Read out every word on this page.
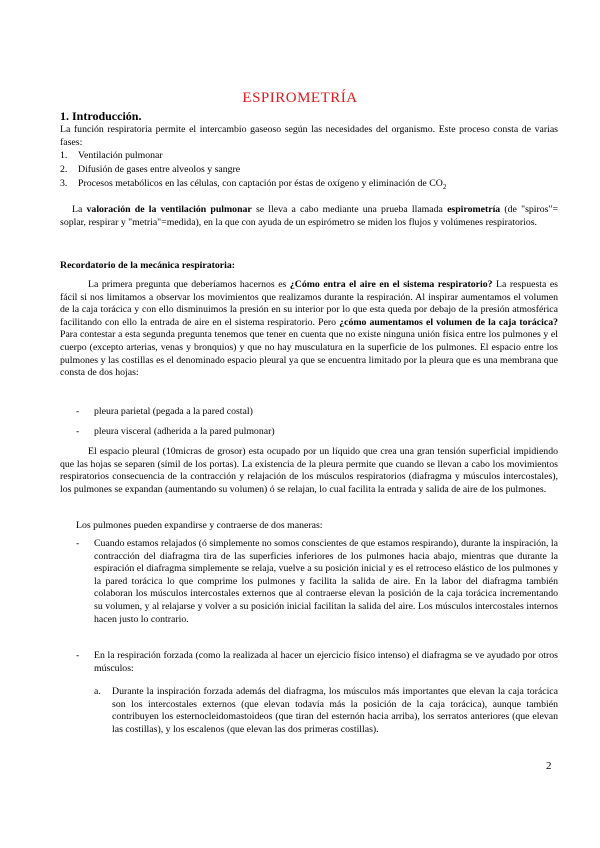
ESPIROMETRÍA
1. Introducción.
La función respiratoria permite el intercambio gaseoso según las necesidades del organismo. Este proceso consta de varias fases:
1. Ventilación pulmonar
2. Difusión de gases entre alveolos y sangre
3. Procesos metabólicos en las células, con captación por éstas de oxígeno y eliminación de $CO_2$
La valoración de la ventilación pulmonar se lleva a cabo mediante una prueba llamada espirometría (de "spiros"= soplar, respirar y "metria"=medida), en la que con ayuda de un espirómetro se miden los flujos y volúmenes respiratorios.
Recordatorio de la mecánica respiratoria:
La primera pregunta que deberíamos hacernos es ¿Cómo entra el aire en el sistema respiratorio? La respuesta es fácil si nos limitamos a observar los movimientos que realizamos durante la respiración. Al inspirar aumentamos el volumen de la caja torácica y con ello disminuimos la presión en su interior por lo que esta queda por debajo de la presión atmosférica facilitando con ello la entrada de aire en el sistema respiratorio. Pero ¿cómo aumentamos el volumen de la caja torácica? Para contestar a esta segunda pregunta tenemos que tener en cuenta que no existe ninguna unión física entre los pulmones y el cuerpo (excepto arterias, venas y bronquios) y que no hay musculatura en la superficie de los pulmones. El espacio entre los pulmones y las costillas es el denominado espacio pleural ya que se encuentra limitado por la pleura que es una membrana que consta de dos hojas:
- pleura parietal (pegada a la pared costal)
- pleura visceral (adherida a la pared pulmonar)
El espacio pleural (10micras de grosor) esta ocupado por un líquido que crea una gran tensión superficial impidiendo que las hojas se separen (símil de los portas). La existencia de la pleura permite que cuando se llevan a cabo los movimientos respiratorios consecuencia de la contracción y relajación de los músculos respiratorios (diafragma y músculos intercostales), los pulmones se expandan (aumentando su volumen) ó se relajan, lo cual facilita la entrada y salida de aire de los pulmones.
Los pulmones pueden expandirse y contraerse de dos maneras:
- Cuando estamos relajados (ó simplemente no somos conscientes de que estamos respirando), durante la inspiración, la contracción del diafragma tira de las superficies inferiores de los pulmones hacia abajo, mientras que durante la espiración el diafragma simplemente se relaja, vuelve a su posición inicial y es el retroceso elástico de los pulmones y la pared torácica lo que comprime los pulmones y facilita la salida de aire. En la labor del diafragma también colaboran los músculos intercostales externos que al contraerse elevan la posición de la caja torácica incrementando su volumen, y al relajarse y volver a su posición inicial facilitan la salida del aire. Los músculos intercostales internos hacen justo lo contrario.
- En la respiración forzada (como la realizada al hacer un ejercicio físico intenso) el diafragma se ve ayudado por otros músculos:
a. Durante la inspiración forzada además del diafragma, los músculos más importantes que elevan la caja torácica son los intercostales externos (que elevan todavía más la posición de la caja torácica), aunque también contribuyen los esternocleidomastoideos (que tiran del esternón hacia arriba), los serratos anteriores (que elevan las costillas), y los escalenos (que elevan las dos primeras costillas).
2
